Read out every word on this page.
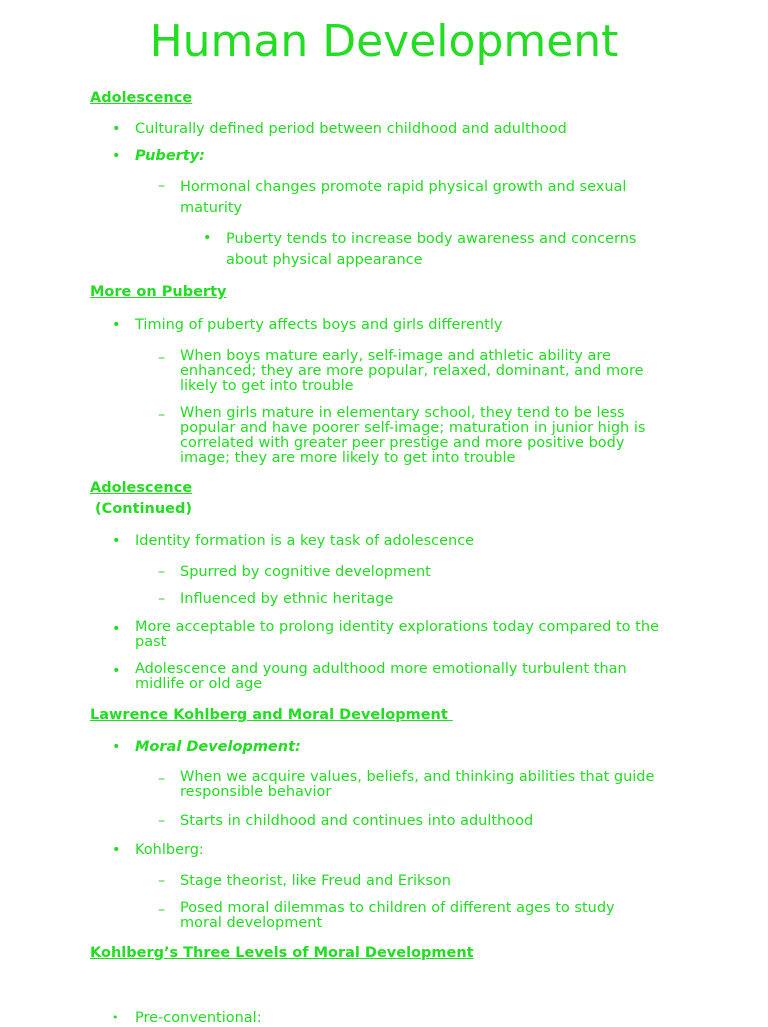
Human Development
Adolescence
• Culturally defined period between childhood and adulthood
• Puberty:
– Hormonal changes promote rapid physical growth and sexual maturity
• Puberty tends to increase body awareness and concerns about physical appearance
More on Puberty
• Timing of puberty affects boys and girls differently
– When boys mature early, self-image and athletic ability are enhanced; they are more popular, relaxed, dominant, and more likely to get into trouble
– When girls mature in elementary school, they tend to be less popular and have poorer self-image; maturation in junior high is correlated with greater peer prestige and more positive body image; they are more likely to get into trouble
Adolescence
(Continued)
• Identity formation is a key task of adolescence
– Spurred by cognitive development
– Influenced by ethnic heritage
• More acceptable to prolong identity explorations today compared to the past
• Adolescence and young adulthood more emotionally turbulent than midlife or old age
Lawrence Kohlberg and Moral Development
• Moral Development:
– When we acquire values, beliefs, and thinking abilities that guide responsible behavior
– Starts in childhood and continues into adulthood
• Kohlberg:
– Stage theorist, like Freud and Erikson
– Posed moral dilemmas to children of different ages to study moral development
Kohlberg’s Three Levels of Moral Development
• Pre-conventional:
